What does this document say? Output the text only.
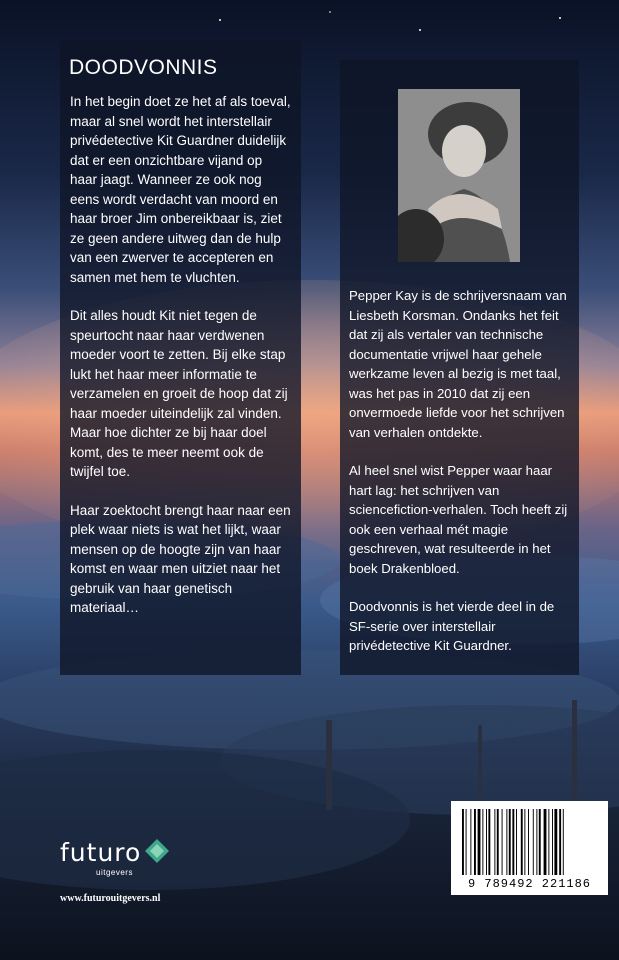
In het begin doet ze het af als toeval, maar al snel wordt het interstellair privédetective Kit Guardner duidelijk dat er een onzichtbare vijand op haar jaagt. Wanneer ze ook nog eens wordt verdacht van moord en haar broer Jim onbereikbaar is, ziet ze geen andere uitweg dan de hulp van een zwerver te accepteren en samen met hem te vluchten.

Dit alles houdt Kit niet tegen de speurtocht naar haar verdwenen moeder voort te zetten. Bij elke stap lukt het haar meer informatie te verzamelen en groeit de hoop dat zij haar moeder uiteindelijk zal vinden. Maar hoe dichter ze bij haar doel komt, des te meer neemt ook de twijfel toe.

Haar zoektocht brengt haar naar een plek waar niets is wat het lijkt, waar mensen op de hoogte zijn van haar komst en waar men uitziet naar het gebruik van haar genetisch materiaal…

DOODVONNIS

Pepper Kay is de schrijversnaam van Liesbeth Korsman. Ondanks het feit dat zij als vertaler van technische documentatie vrijwel haar gehele werkzame leven al bezig is met taal, was het pas in 2010 dat zij een onvermoede liefde voor het schrijven van verhalen ontdekte.

Al heel snel wist Pepper waar haar hart lag: het schrijven van sciencefiction-verhalen. Toch heeft zij ook een verhaal mét magie geschreven, wat resulteerde in het boek Drakenbloed.

Doodvonnis is het vierde deel in de SF-serie over interstellair privédetective Kit Guardner.

futuro
uitgevers
www.futurouitgevers.nl
9 789492 221186
